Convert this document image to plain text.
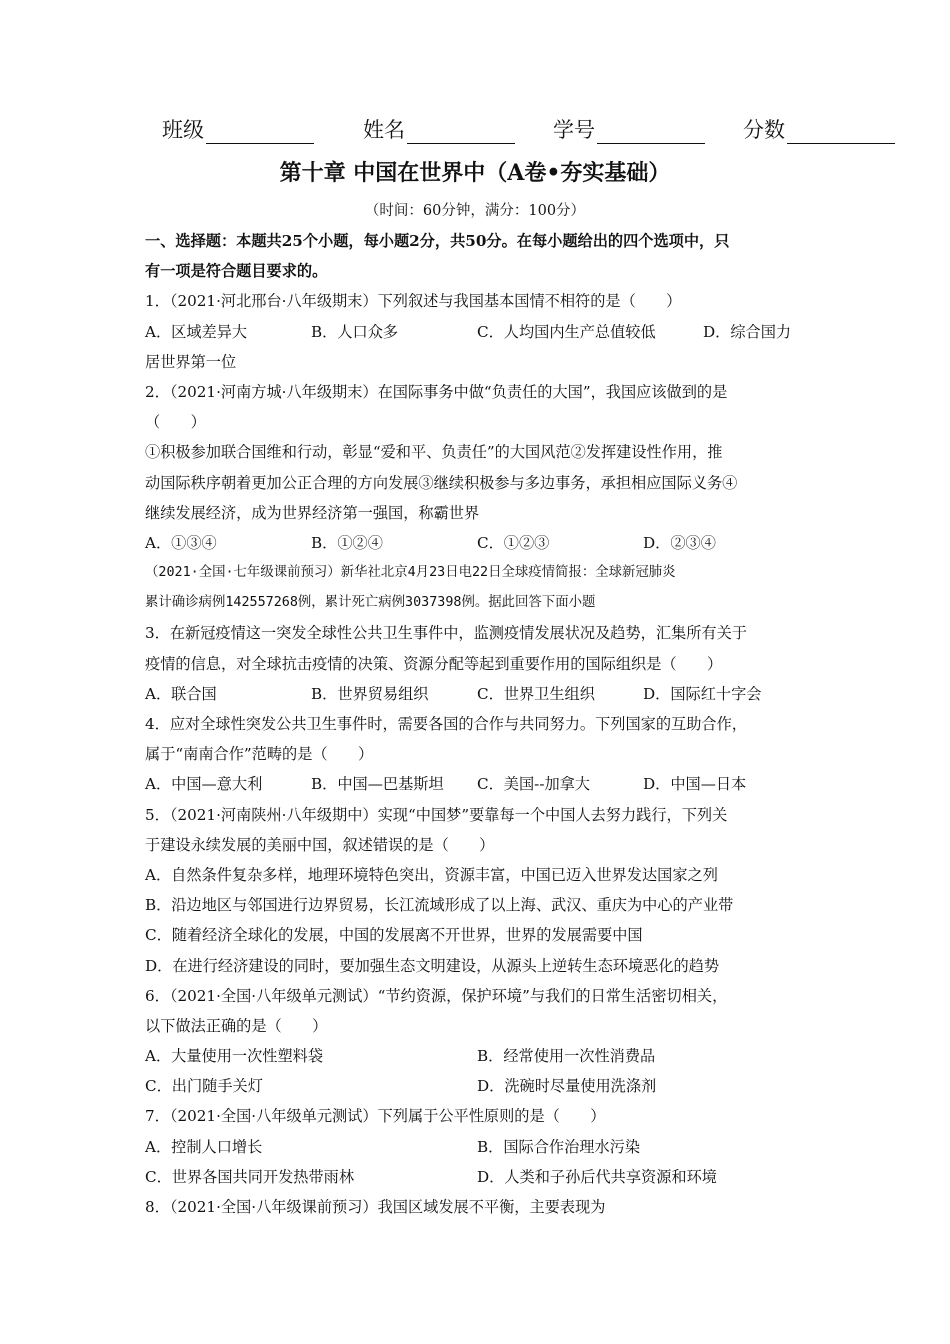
班级	姓名	学号	分数
第十章 中国在世界中（A卷•夯实基础）
（时间：60分钟，满分：100分）
一、选择题：本题共25个小题，每小题2分，共50分。在每小题给出的四个选项中，只
有一项是符合题目要求的。
1．（2021·河北邢台·八年级期末）下列叙述与我国基本国情不相符的是（　　）
A．区域差异大	B．人口众多	C．人均国内生产总值较低	D．综合国力
居世界第一位
2．（2021·河南方城·八年级期末）在国际事务中做“负责任的大国”，我国应该做到的是
（　　）
①积极参加联合国维和行动，彰显“爱和平、负责任”的大国风范②发挥建设性作用，推
动国际秩序朝着更加公正合理的方向发展③继续积极参与多边事务，承担相应国际义务④
继续发展经济，成为世界经济第一强国，称霸世界
A．①③④	B．①②④	C．①②③	D．②③④
（2021·全国·七年级课前预习）新华社北京4月23日电22日全球疫情简报：全球新冠肺炎
累计确诊病例142557268例，累计死亡病例3037398例。据此回答下面小题
3．在新冠疫情这一突发全球性公共卫生事件中，监测疫情发展状况及趋势，汇集所有关于
疫情的信息，对全球抗击疫情的决策、资源分配等起到重要作用的国际组织是（　　）
A．联合国	B．世界贸易组织	C．世界卫生组织	D．国际红十字会
4．应对全球性突发公共卫生事件时，需要各国的合作与共同努力。下列国家的互助合作，
属于“南南合作”范畴的是（　　）
A．中国—意大利	B．中国—巴基斯坦	C．美国--加拿大	D．中国—日本
5．（2021·河南陕州·八年级期中）实现“中国梦”要靠每一个中国人去努力践行，下列关
于建设永续发展的美丽中国，叙述错误的是（　　）
A．自然条件复杂多样，地理环境特色突出，资源丰富，中国已迈入世界发达国家之列
B．沿边地区与邻国进行边界贸易，长江流域形成了以上海、武汉、重庆为中心的产业带
C．随着经济全球化的发展，中国的发展离不开世界，世界的发展需要中国
D．在进行经济建设的同时，要加强生态文明建设，从源头上逆转生态环境恶化的趋势
6．（2021·全国·八年级单元测试）“节约资源，保护环境”与我们的日常生活密切相关，
以下做法正确的是（　　）
A．大量使用一次性塑料袋	B．经常使用一次性消费品
C．出门随手关灯	D．洗碗时尽量使用洗涤剂
7．（2021·全国·八年级单元测试）下列属于公平性原则的是（　　）
A．控制人口增长	B．国际合作治理水污染
C．世界各国共同开发热带雨林	D．人类和子孙后代共享资源和环境
8．（2021·全国·八年级课前预习）我国区域发展不平衡，主要表现为
